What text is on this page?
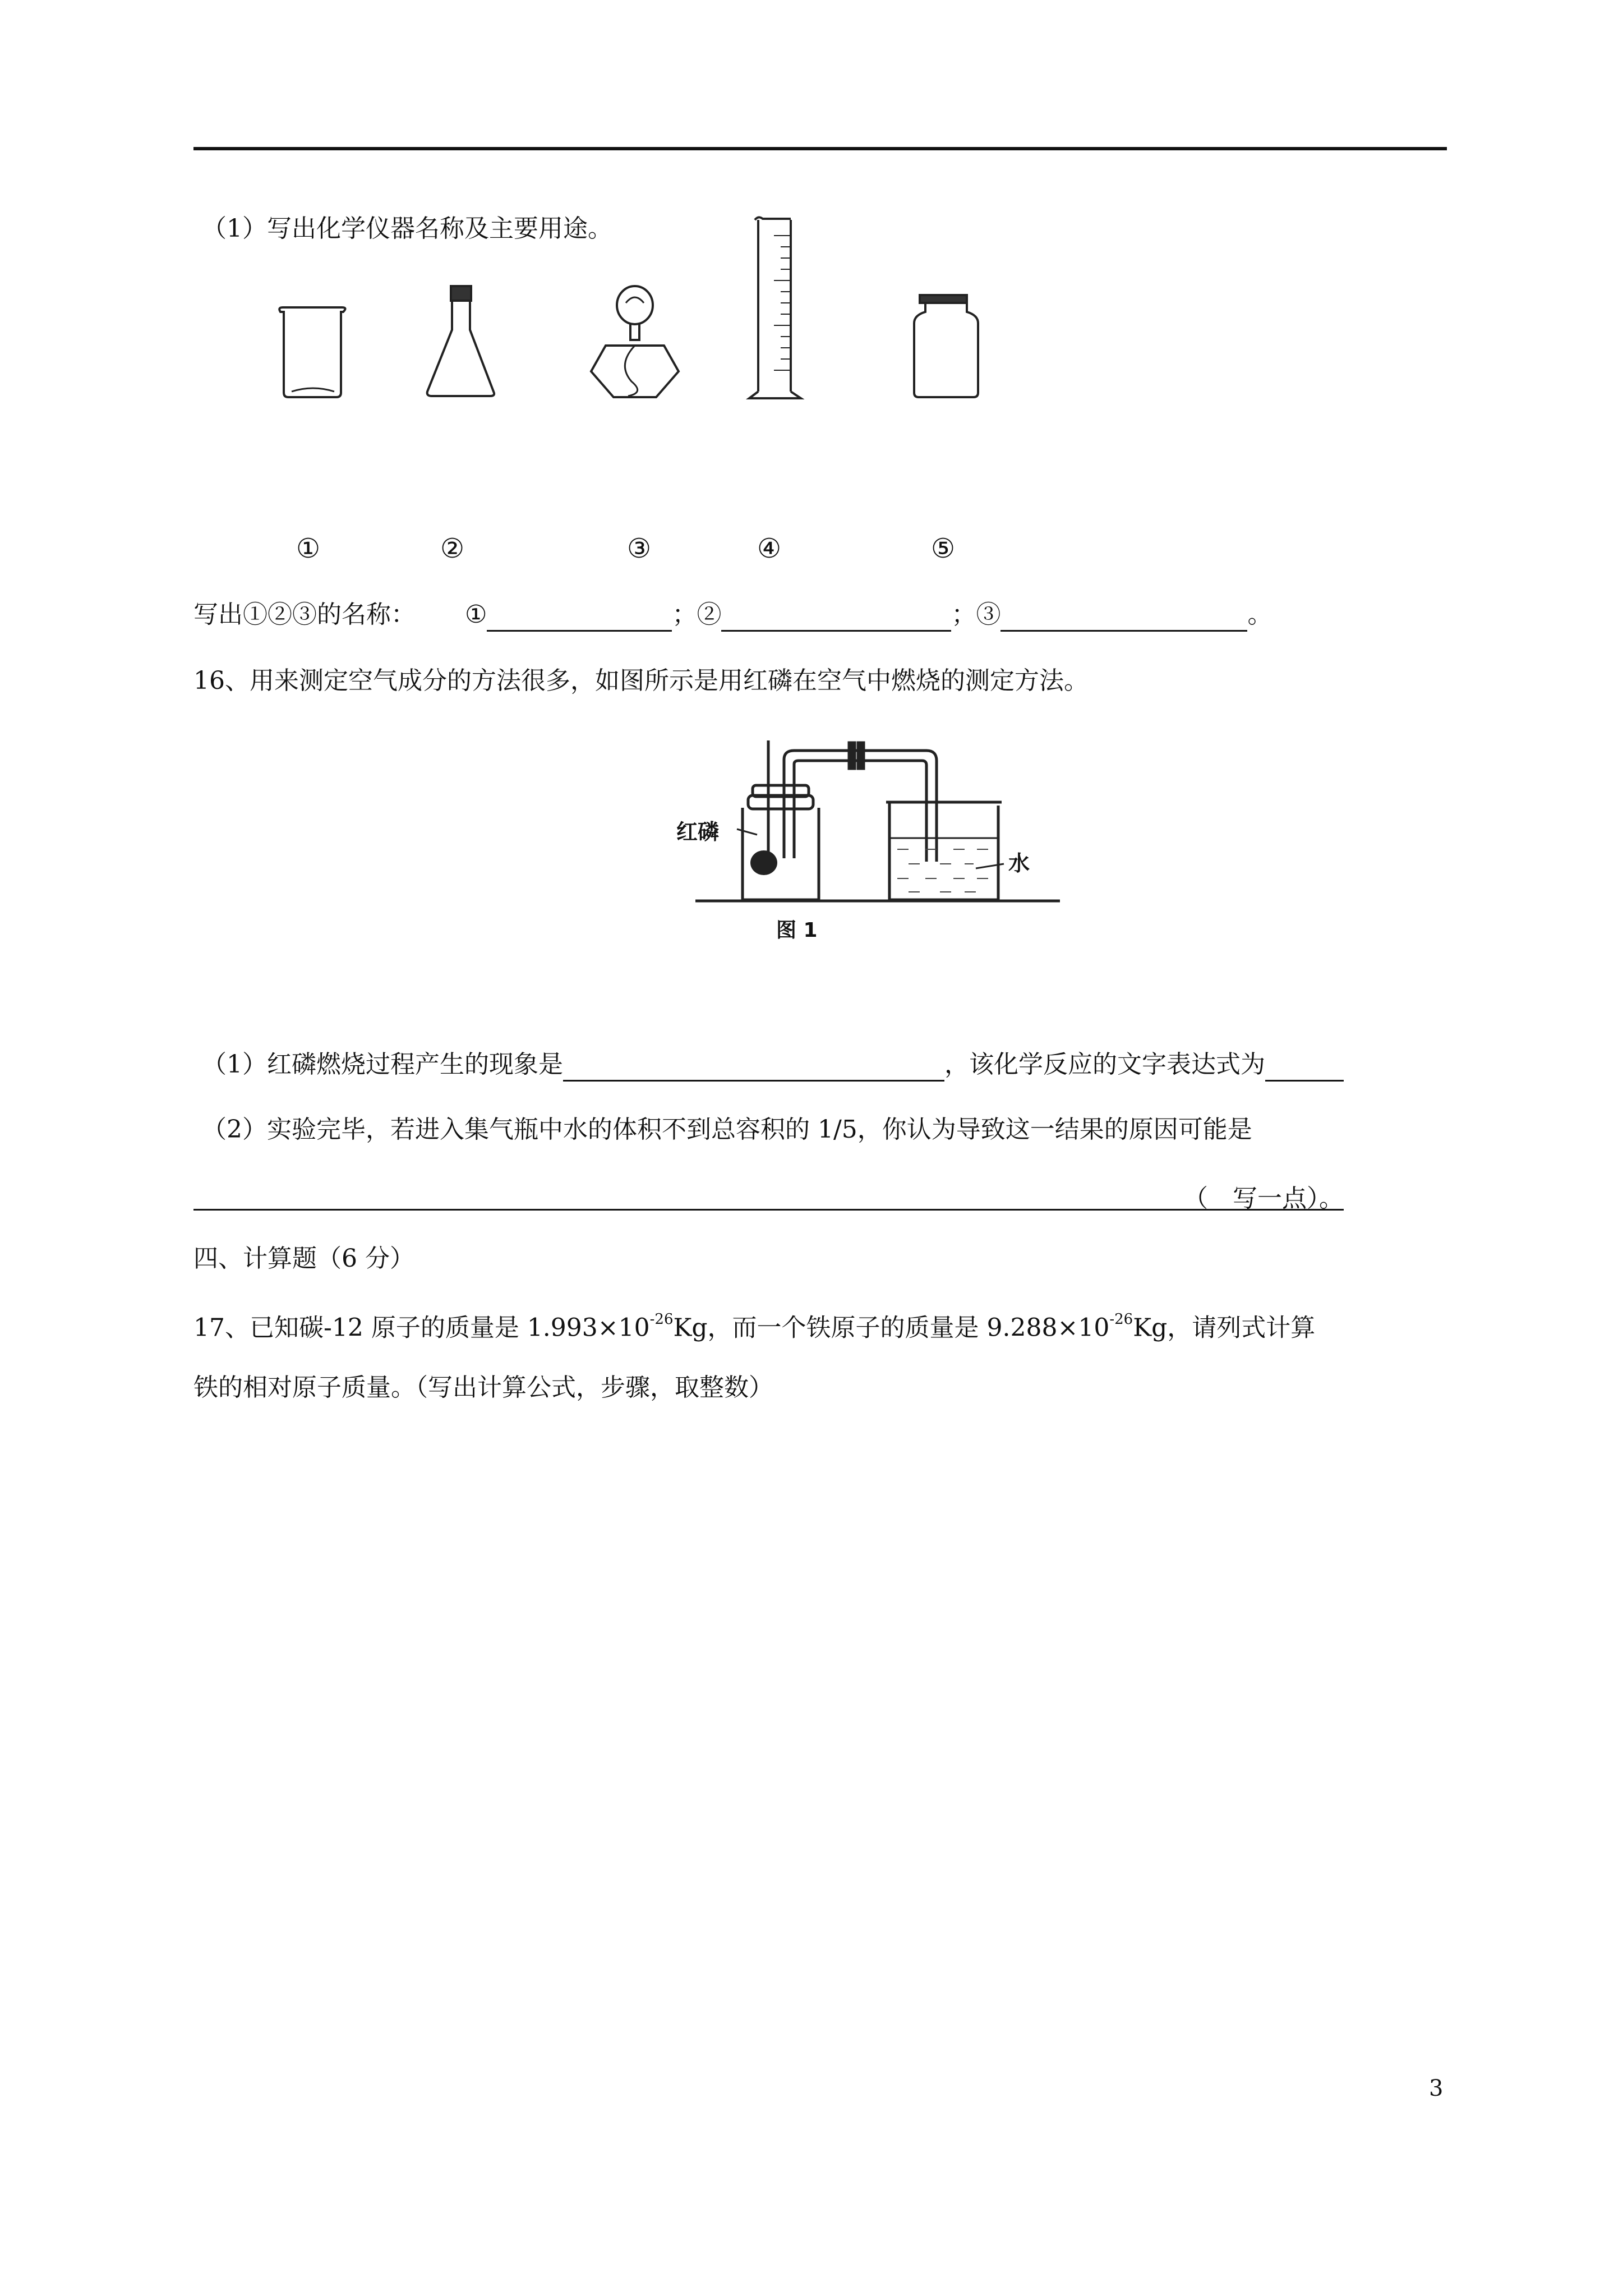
（1）写出化学仪器名称及主要用途。
①	②	③	④	⑤
写出①②③的名称： ①	；②	；③	。
16、用来测定空气成分的方法很多，如图所示是用红磷在空气中燃烧的测定方法。
红磷
水
图 1
（1）红磷燃烧过程产生的现象是	，该化学反应的文字表达式为
（2）实验完毕，若进入集气瓶中水的体积不到总容积的 1/5，你认为导致这一结果的原因可能是
（　写一点）。
四、计算题（6 分）
17、已知碳-12 原子的质量是 $1.993\times 10^{-26}Kg$，而一个铁原子的质量是 $9.288\times 10^{-26}Kg$，请列式计算
铁的相对原子质量。（写出计算公式，步骤，取整数）
3
